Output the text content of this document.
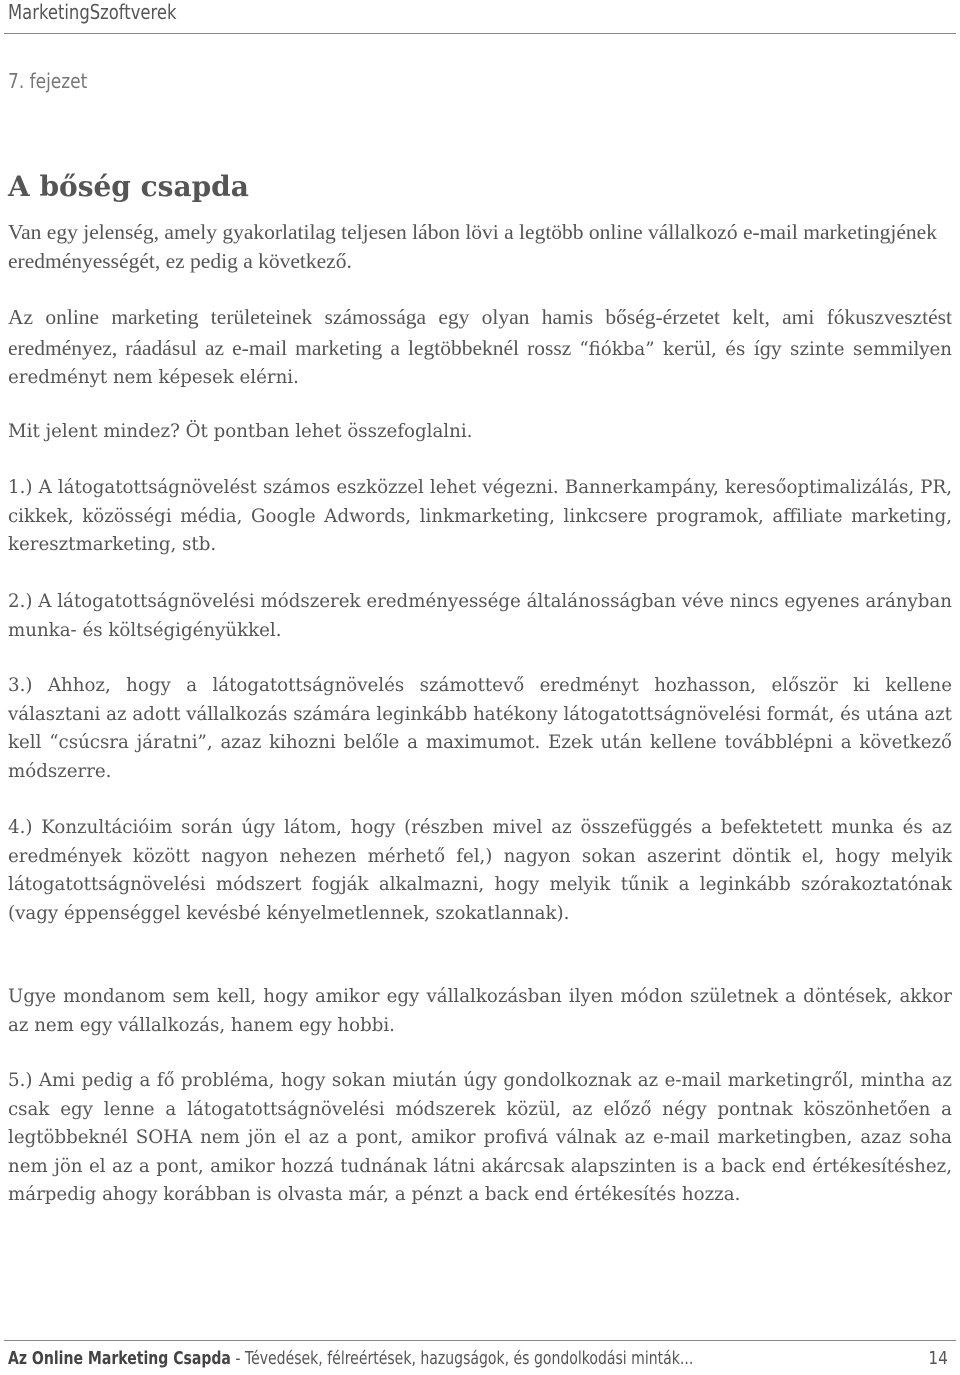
MarketingSzoftverek
7. fejezet
A bőség csapda
Van egy jelenség, amely gyakorlatilag teljesen lábon lövi a legtöbb online vállalkozó e-mail marketingjének eredményességét, ez pedig a következő.
Az online marketing területeinek számossága egy olyan hamis bőség-érzetet kelt, ami fókuszvesztést eredményez, ráadásul az e-mail marketing a legtöbbeknél rossz “fiókba” kerül, és így szinte semmilyen eredményt nem képesek elérni.
Mit jelent mindez? Öt pontban lehet összefoglalni.
1.) A látogatottságnövelést számos eszközzel lehet végezni. Bannerkampány, keresőoptimalizálás, PR, cikkek, közösségi média, Google Adwords, linkmarketing, linkcsere programok, affiliate marketing, keresztmarketing, stb.
2.) A látogatottságnövelési módszerek eredményessége általánosságban véve nincs egyenes arányban munka- és költségigényükkel.
3.) Ahhoz, hogy a látogatottságnövelés számottevő eredményt hozhasson, először ki kellene választani az adott vállalkozás számára leginkább hatékony látogatottságnövelési formát, és utána azt kell “csúcsra járatni”, azaz kihozni belőle a maximumot. Ezek után kellene továbblépni a következő módszerre.
4.) Konzultációim során úgy látom, hogy (részben mivel az összefüggés a befektetett munka és az eredmények között nagyon nehezen mérhető fel,) nagyon sokan aszerint döntik el, hogy melyik látogatottságnövelési módszert fogják alkalmazni, hogy melyik tűnik a leginkább szórakoztatónak (vagy éppenséggel kevésbé kényelmetlennek, szokatlannak).
Ugye mondanom sem kell, hogy amikor egy vállalkozásban ilyen módon születnek a döntések, akkor az nem egy vállalkozás, hanem egy hobbi.
5.) Ami pedig a fő probléma, hogy sokan miután úgy gondolkoznak az e-mail marketingről, mintha az csak egy lenne a látogatottságnövelési módszerek közül, az előző négy pontnak köszönhetően a legtöbbeknél SOHA nem jön el az a pont, amikor profivá válnak az e-mail marketingben, azaz soha nem jön el az a pont, amikor hozzá tudnának látni akárcsak alapszinten is a back end értékesítéshez, márpedig ahogy korábban is olvasta már, a pénzt a back end értékesítés hozza.
Az Online Marketing Csapda - Tévedések, félreértések, hazugságok, és gondolkodási minták...	14
